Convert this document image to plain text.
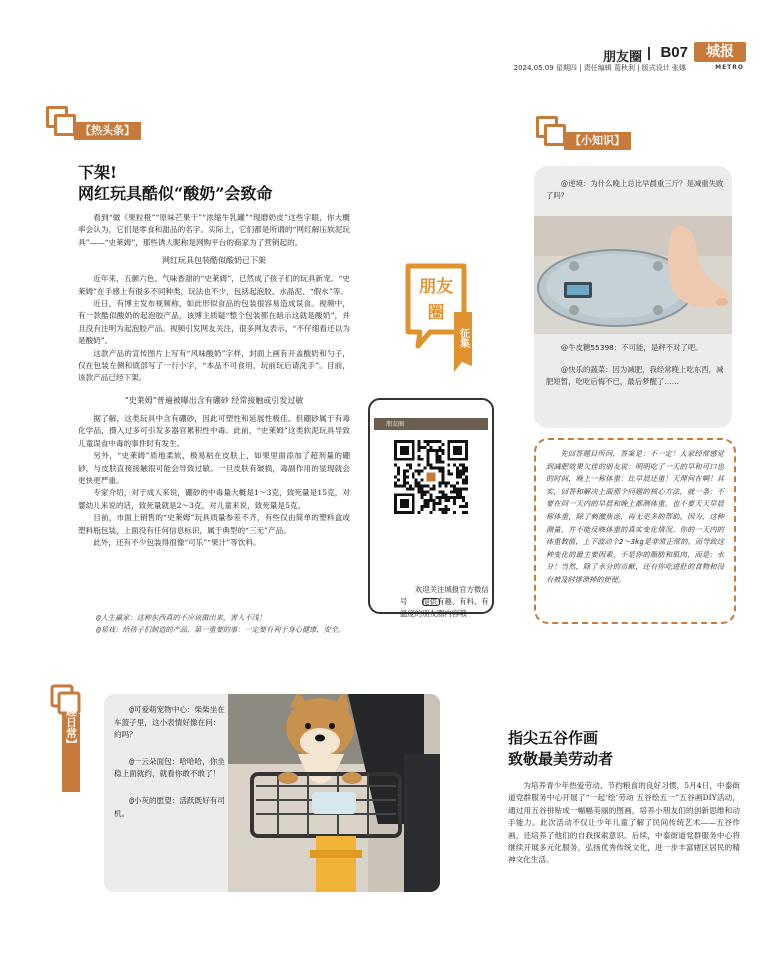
朋友圈 B07	城报
METRO
2024.05.09 星期四 | 责任编辑 葛秋利 | 版式设计 张娜
【热头条】
【小知识】
下架!
网红玩具酷似“酸奶”会致命

看到“做《果粒橙”“原味芒果干”“浓缩牛乳罐”“现磨奶皮”这些字眼，你大概率会认为，它们是零食和甜品的名字。实际上，它们都是所谓的“网红解压软泥玩具”——“史莱姆”，那些诱人昵称是网购平台的商家为了营销起的。

网红玩具包装酷似酸奶已下架

近年来，五颜六色、气味香甜的“史莱姆”，已然成了孩子们的玩具新宠。“史莱姆”在手感上有很多不同种类，玩法也不少，包括起泡胶、水晶泥、“假水”等。

近日，有博主发布视频称，如此形似食品的包装很容易造成误食。视频中，有一款酷似酸奶的起泡胶产品，该博主质疑“整个包装都在暗示这就是酸奶”，并且没有注明为起泡胶产品。视频引发网友关注，很多网友表示，“不仔细看还以为是酸奶”。

这款产品的宣传图片上写有“风味酸奶”字样，封面上画有开盖酸奶和勺子，仅在包装左侧和底部写了一行小字，“本品不可食用，玩前玩后请洗手”。目前，该款产品已经下架。

“史莱姆”普遍被曝出含有硼砂 经常接触或引发过敏

据了解，这类玩具中含有硼砂，因此可塑性和延展性极佳。但硼砂属于有毒化学品，摄入过多可引发多器官累积性中毒。此前，“史莱姆”这类软泥玩具导致儿童误食中毒的事件时有发生。

另外，“史莱姆”质地柔软，极易粘在皮肤上，如果里面添加了超剂量的硼砂，与皮肤直接接触很可能会导致过敏。一旦皮肤有破损，毒副作用的显现就会更快更严重。

专家介绍，对于成人来说，硼砂的中毒量大概是1～3克，致死量是15克，对婴幼儿来说的话，致死量就是2～3克，对儿童来说，致死量是5克。

目前，市面上销售的“史莱姆”玩具质量参差不齐，有些仅由简单的塑料盒或塑料瓶包装，上面没有任何信息标识，属于典型的“三无”产品。

此外，还有不少包装得很像“可乐”“果汁”等饮料。

@人生赢家：这种东西真的不应该做出来，害人不浅！

@易戏：给孩子们制造的产品，第一重要的事：一定要有利于身心健康、安全。

@逆境：为什么晚上总比早晨重三斤？是减重失败了吗？

@牛皮糖55398：不可能，是秤不对了吧。

@快乐的蔬菜：因为减肥，我经常晚上吃东西，减肥短暂，吃吃后悔不已，最后梦醒了……

先回答题目所问，答案是：不一定！大家经常感觉到减肥效果欠佳的朋友说：明明吃了一天的早和可口也的时间，晚上一称体重：比早晨还重！天理何在啊！其实，回答和解决上面那个问题的核心方法，就一条：不要在同一天内的早晨和晚上都测体重。也不要天天早晨称体重，除了刺激焦虑，再无更多的帮助。因为，这种测量，并不能反映体重的真实变化情况。你的一天内的体重数值，上下波动个2～3kg是非常正常的。而导致这种变化的最主要因素，不是你的脂肪和肌肉，而是：水分！当然，除了水分的贡献，还有你吃进肚的食物和没有被及时排泄掉的便便。

朋友
圈
征集
朋友圈

欢迎关注城报官方微信号　　提供有趣、有料、有温度的朋友圈内容哦

【趣日常】	@可爱萌宠物中心：柴柴坐在车篮子里，这小表情好像在问：約吗？

@一云朵面包：哈哈哈，你坐稳上面就约，就看你敢不敢了！

@小灰的愿望：活跃既好有司机。

指尖五谷作画
致敬最美劳动者

为培养青少年热爱劳动、节约粮食的良好习惯，5月4日，中泰街道党群服务中心开展了“一起‘绘’劳动 五谷绘五一”五谷画DIY活动，通过用五谷拼贴成一幅幅美丽的图画，培养小朋友们的创新思维和动手能力。此次活动不仅让少年儿童了解了民间传统艺术——五谷作画，还培养了他们的自我探索意识。后续，中泰街道党群服务中心将继续开展多元化服务，弘扬优秀传统文化，进一步丰富辖区居民的精神文化生活。
